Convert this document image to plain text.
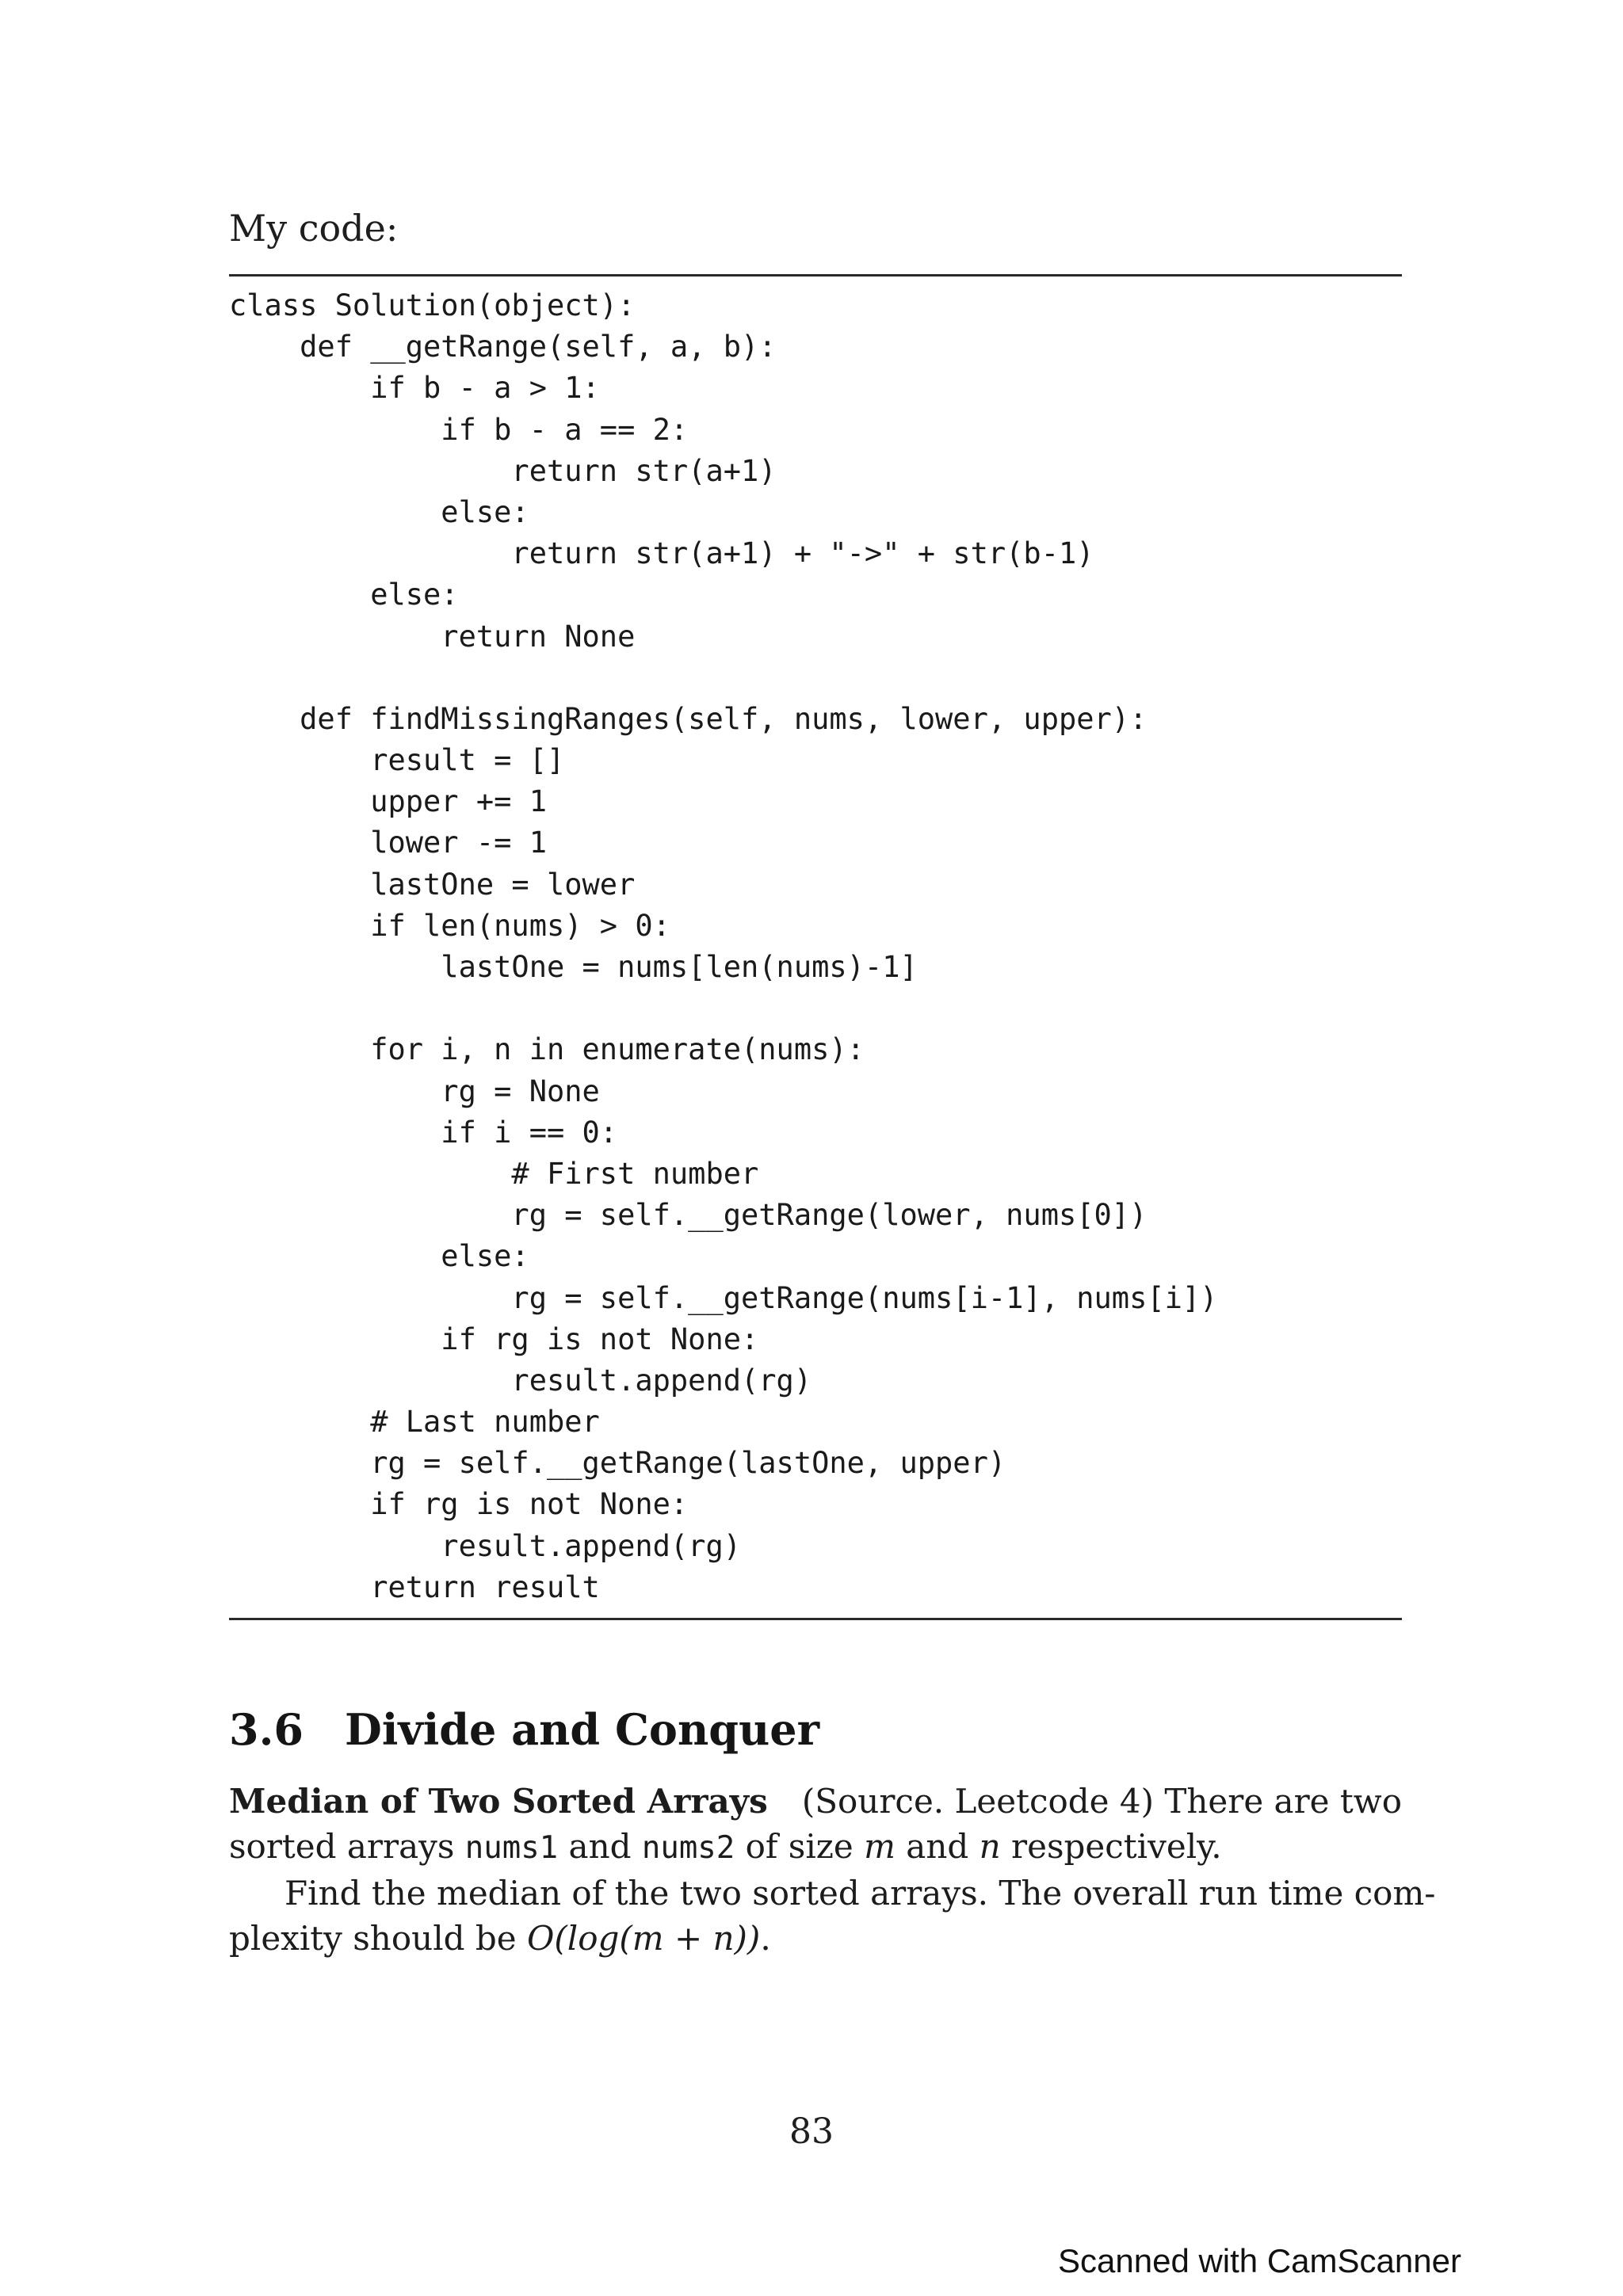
My code:

class Solution(object):
def __getRange(self, a, b):
if b - a > 1:
if b - a == 2:
return str(a+1)
else:
return str(a+1) + "->" + str(b-1)
else:
return None
def findMissingRanges(self, nums, lower, upper):
result = []
upper += 1
lower -= 1
lastOne = lower
if len(nums) > 0:
lastOne = nums[len(nums)-1]
for i, n in enumerate(nums):
rg = None
if i == 0:
# First number
rg = self.__getRange(lower, nums[0])
else:
rg = self.__getRange(nums[i-1], nums[i])
if rg is not None:
result.append(rg)
# Last number
rg = self.__getRange(lastOne, upper)
if rg is not None:
result.append(rg)
return result
3.6 Divide and Conquer
Median of Two Sorted Arrays (Source. Leetcode 4) There are two
sorted arrays nums1 and nums2 of size m and n respectively.
Find the median of the two sorted arrays. The overall run time com-
plexity should be O(log(m + n)).

83

Scanned with CamScanner
